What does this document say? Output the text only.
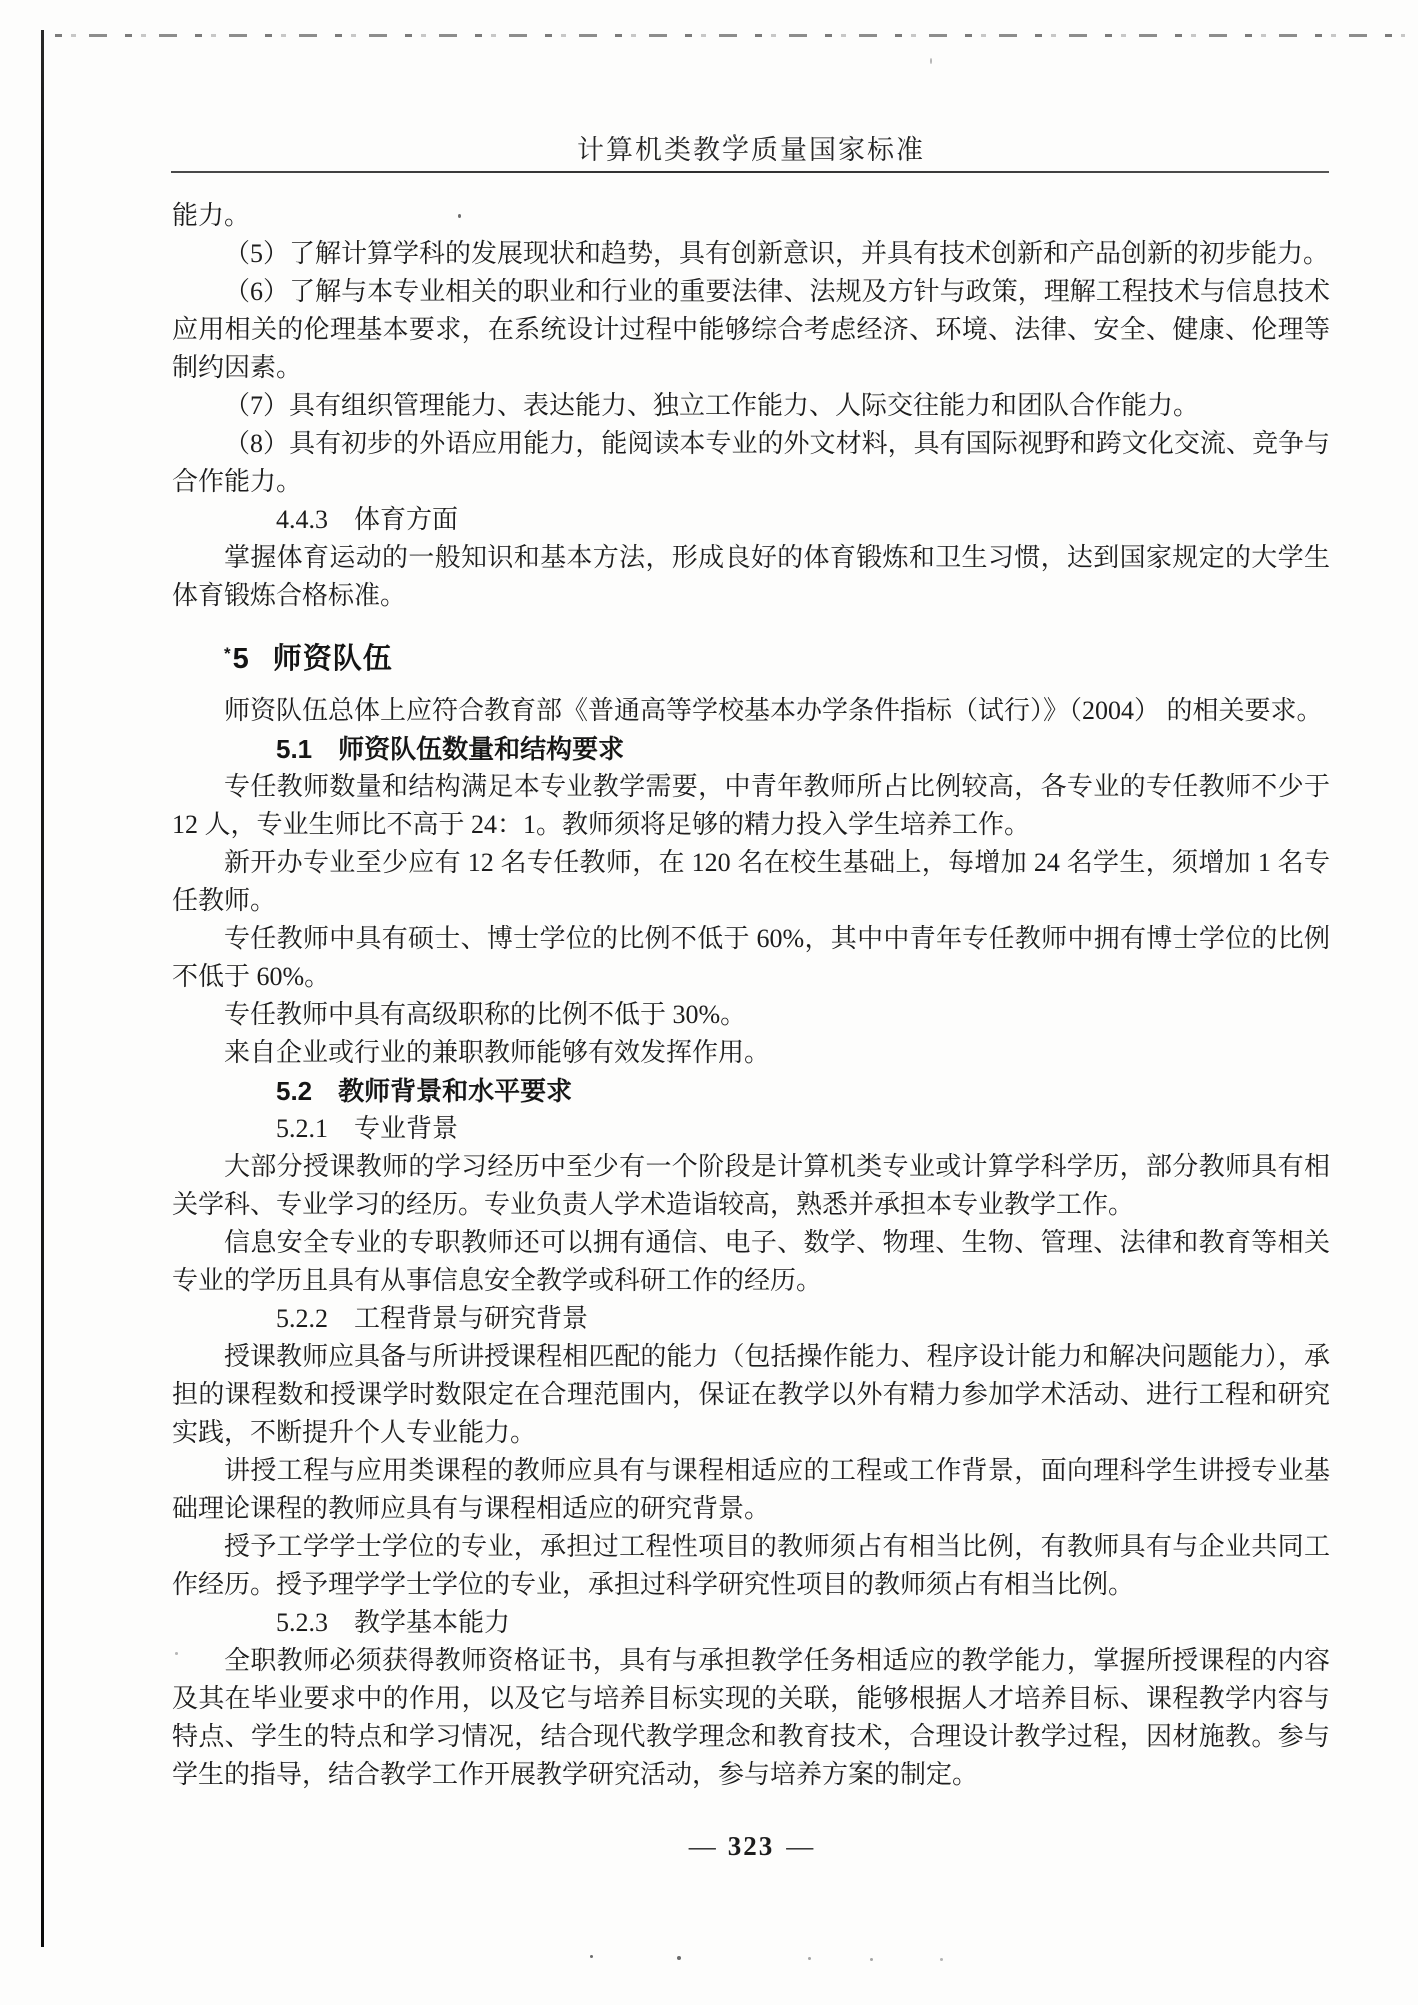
计算机类教学质量国家标准

能力。

（5）了解计算学科的发展现状和趋势，具有创新意识，并具有技术创新和产品创新的初步能力。

（6）了解与本专业相关的职业和行业的重要法律、法规及方针与政策，理解工程技术与信息技术应用相关的伦理基本要求，在系统设计过程中能够综合考虑经济、环境、法律、安全、健康、伦理等制约因素。

（7）具有组织管理能力、表达能力、独立工作能力、人际交往能力和团队合作能力。

（8）具有初步的外语应用能力，能阅读本专业的外文材料，具有国际视野和跨文化交流、竞争与合作能力。

4.4.3　体育方面

掌握体育运动的一般知识和基本方法，形成良好的体育锻炼和卫生习惯，达到国家规定的大学生体育锻炼合格标准。

*5 师资队伍

师资队伍总体上应符合教育部《普通高等学校基本办学条件指标（试行）》（2004） 的相关要求。

5.1　师资队伍数量和结构要求

专任教师数量和结构满足本专业教学需要，中青年教师所占比例较高，各专业的专任教师不少于 12 人，专业生师比不高于 24：1。教师须将足够的精力投入学生培养工作。

新开办专业至少应有 12 名专任教师，在 120 名在校生基础上，每增加 24 名学生，须增加 1 名专任教师。

专任教师中具有硕士、博士学位的比例不低于 60%，其中中青年专任教师中拥有博士学位的比例不低于 60%。

专任教师中具有高级职称的比例不低于 30%。

来自企业或行业的兼职教师能够有效发挥作用。

5.2　教师背景和水平要求

5.2.1　专业背景

大部分授课教师的学习经历中至少有一个阶段是计算机类专业或计算学科学历，部分教师具有相关学科、专业学习的经历。专业负责人学术造诣较高，熟悉并承担本专业教学工作。

信息安全专业的专职教师还可以拥有通信、电子、数学、物理、生物、管理、法律和教育等相关专业的学历且具有从事信息安全教学或科研工作的经历。

5.2.2　工程背景与研究背景

授课教师应具备与所讲授课程相匹配的能力（包括操作能力、程序设计能力和解决问题能力），承担的课程数和授课学时数限定在合理范围内，保证在教学以外有精力参加学术活动、进行工程和研究实践，不断提升个人专业能力。

讲授工程与应用类课程的教师应具有与课程相适应的工程或工作背景，面向理科学生讲授专业基础理论课程的教师应具有与课程相适应的研究背景。

授予工学学士学位的专业，承担过工程性项目的教师须占有相当比例，有教师具有与企业共同工作经历。授予理学学士学位的专业，承担过科学研究性项目的教师须占有相当比例。

5.2.3　教学基本能力

全职教师必须获得教师资格证书，具有与承担教学任务相适应的教学能力，掌握所授课程的内容及其在毕业要求中的作用，以及它与培养目标实现的关联，能够根据人才培养目标、课程教学内容与特点、学生的特点和学习情况，结合现代教学理念和教育技术，合理设计教学过程，因材施教。参与学生的指导，结合教学工作开展教学研究活动，参与培养方案的制定。

— 323 —
